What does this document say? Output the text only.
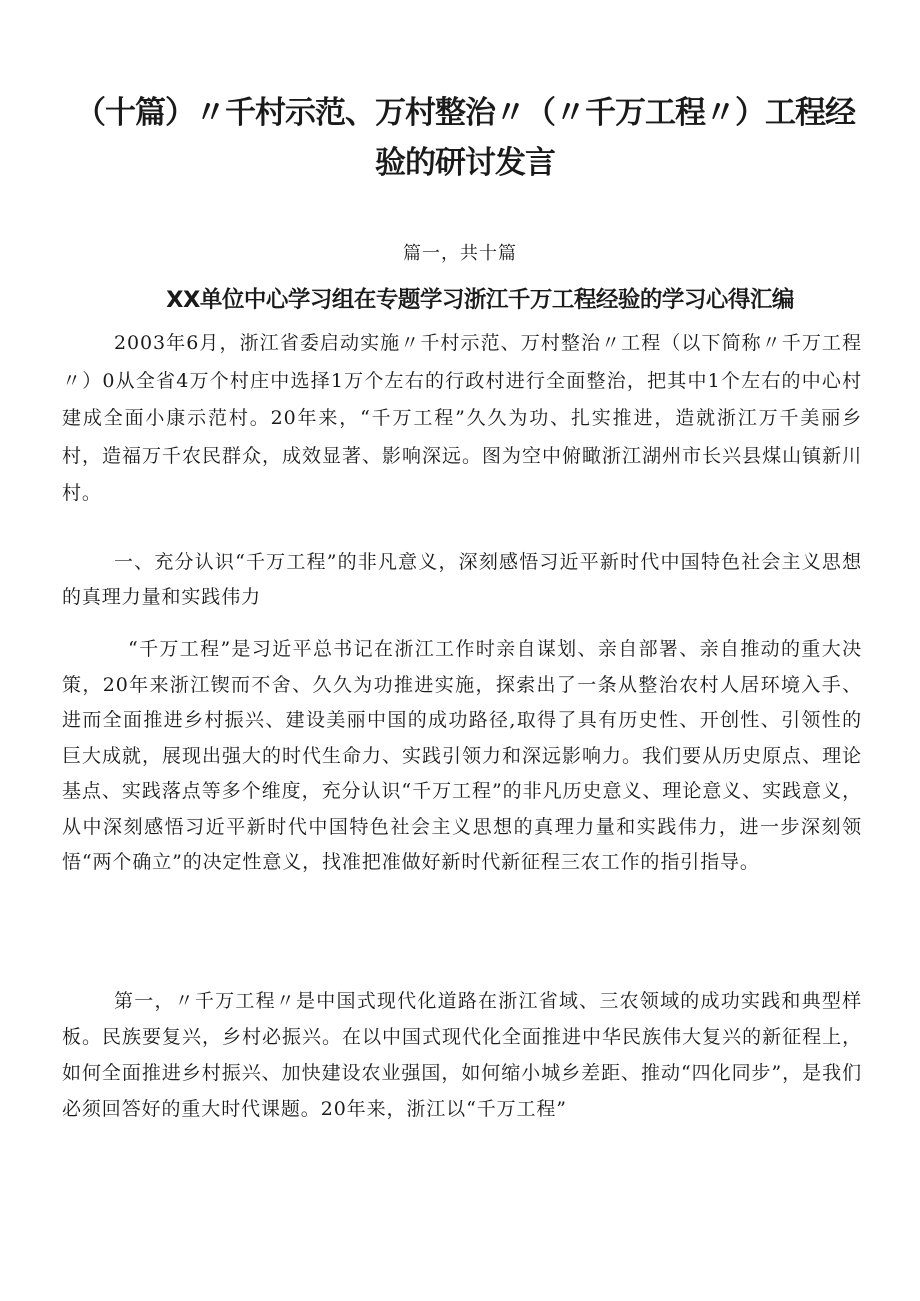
（十篇）〃千村示范、万村整治〃（〃千万工程〃）工程经验的研讨发言
篇一，共十篇
XX单位中心学习组在专题学习浙江千万工程经验的学习心得汇编

2003年6月，浙江省委启动实施〃千村示范、万村整治〃工程（以下简称〃千万工程〃）0从全省4万个村庄中选择1万个左右的行政村进行全面整治，把其中1个左右的中心村建成全面小康示范村。20年来，“千万工程”久久为功、扎实推进，造就浙江万千美丽乡村，造福万千农民群众，成效显著、影响深远。图为空中俯瞰浙江湖州市长兴县煤山镇新川村。

一、充分认识“千万工程”的非凡意义，深刻感悟习近平新时代中国特色社会主义思想的真理力量和实践伟力

“千万工程”是习近平总书记在浙江工作时亲自谋划、亲自部署、亲自推动的重大决策，20年来浙江锲而不舍、久久为功推进实施，探索出了一条从整治农村人居环境入手、进而全面推进乡村振兴、建设美丽中国的成功路径,取得了具有历史性、开创性、引领性的巨大成就，展现出强大的时代生命力、实践引领力和深远影响力。我们要从历史原点、理论基点、实践落点等多个维度，充分认识“千万工程”的非凡历史意义、理论意义、实践意义，从中深刻感悟习近平新时代中国特色社会主义思想的真理力量和实践伟力，进一步深刻领悟“两个确立”的决定性意义，找准把准做好新时代新征程三农工作的指引指导。

第一，〃千万工程〃是中国式现代化道路在浙江省域、三农领域的成功实践和典型样板。民族要复兴，乡村必振兴。在以中国式现代化全面推进中华民族伟大复兴的新征程上，如何全面推进乡村振兴、加快建设农业强国，如何缩小城乡差距、推动“四化同步”，是我们必须回答好的重大时代课题。20年来，浙江以“千万工程”
